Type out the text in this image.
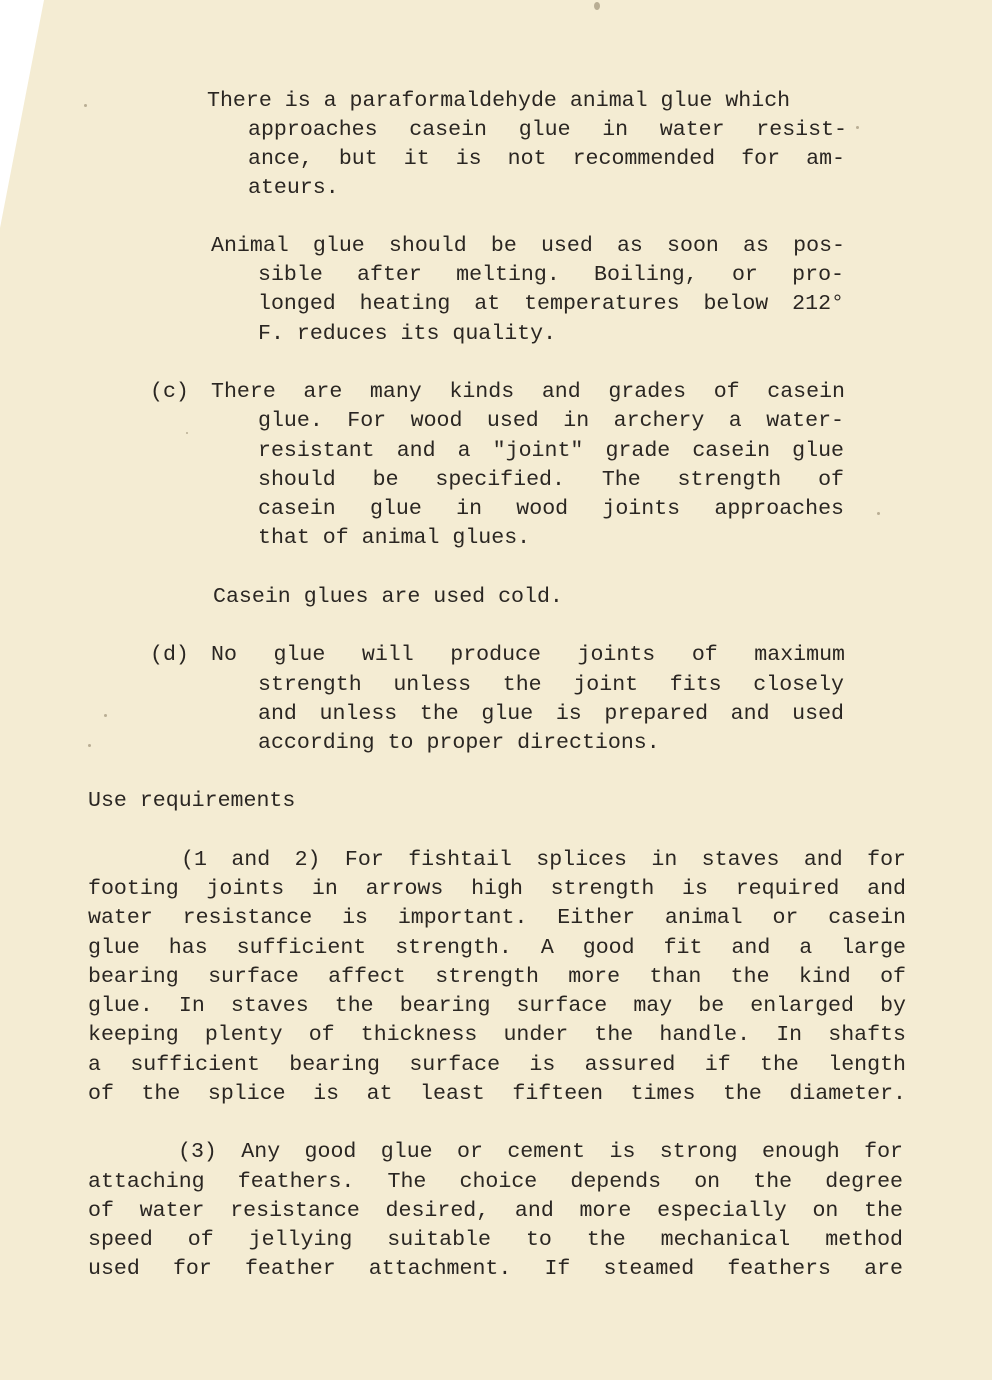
There is a paraformaldehyde animal glue which
approaches casein glue in water resist-
ance, but it is not recommended for am-
ateurs.
Animal glue should be used as soon as pos-
sible after melting. Boiling, or pro-
longed heating at temperatures below 212°
F. reduces its quality.
(c) There are many kinds and grades of casein
glue. For wood used in archery a water-
resistant and a "joint" grade casein glue
should be specified. The strength of
casein glue in wood joints approaches
that of animal glues.
Casein glues are used cold.
(d) No glue will produce joints of maximum
strength unless the joint fits closely
and unless the glue is prepared and used
according to proper directions.
Use requirements
(1 and 2) For fishtail splices in staves and for
footing joints in arrows high strength is required and
water resistance is important. Either animal or casein
glue has sufficient strength. A good fit and a large
bearing surface affect strength more than the kind of
glue. In staves the bearing surface may be enlarged by
keeping plenty of thickness under the handle. In shafts
a sufficient bearing surface is assured if the length
of the splice is at least fifteen times the diameter.
(3) Any good glue or cement is strong enough for
attaching feathers. The choice depends on the degree
of water resistance desired, and more especially on the
speed of jellying suitable to the mechanical method
used for feather attachment. If steamed feathers are
